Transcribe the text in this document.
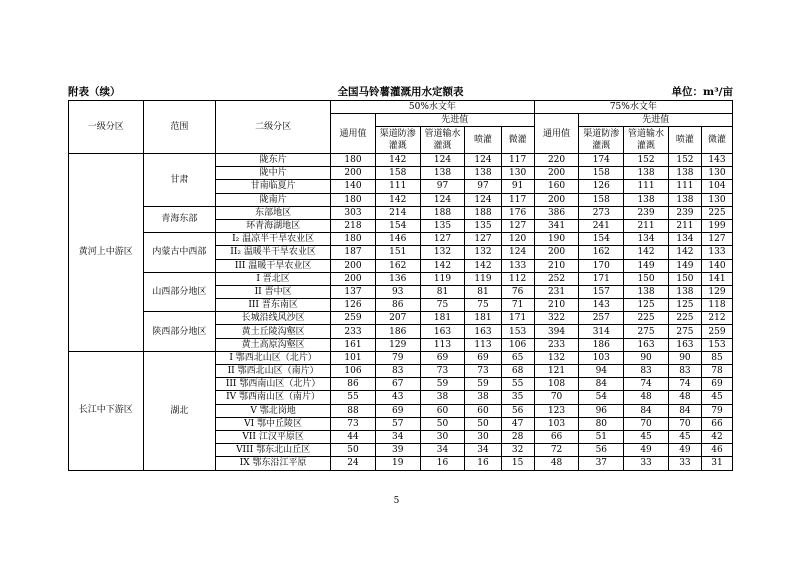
附表（续）	全国马铃薯灌溉用水定额表	单位：m³/亩
一级分区	范围	二级分区	50%水文年					75%水文年				
			通用值	先进值				通用值	先进值			
				渠道防渗灌溉	管道输水灌溉	喷灌	微灌		渠道防渗灌溉	管道输水灌溉	喷灌	微灌
黄河上中游区	甘肃	陇东片	180	142	124	124	117	220	174	152	152	143
		陇中片	200	158	138	138	130	200	158	138	138	130
		甘南临夏片	140	111	97	97	91	160	126	111	111	104
		陇南片	180	142	124	124	117	200	158	138	138	130
	青海东部	东部地区	303	214	188	188	176	386	273	239	239	225
		环青海湖地区	218	154	135	135	127	341	241	211	211	199
	内蒙古中西部	I₂ 温凉半干旱农业区	180	146	127	127	120	190	154	134	134	127
		II₂ 温暖半干旱农业区	187	151	132	132	124	200	162	142	142	133
		III 温暖干旱农业区	200	162	142	142	133	210	170	149	149	140
	山西部分地区	I 晋北区	200	136	119	119	112	252	171	150	150	141
		II 晋中区	137	93	81	81	76	231	157	138	138	129
		III 晋东南区	126	86	75	75	71	210	143	125	125	118
	陕西部分地区	长城沿线风沙区	259	207	181	181	171	322	257	225	225	212
		黄土丘陵沟壑区	233	186	163	163	153	394	314	275	275	259
		黄土高原沟壑区	161	129	113	113	106	233	186	163	163	153
长江中下游区	湖北	I 鄂西北山区（北片）	101	79	69	69	65	132	103	90	90	85
		II 鄂西北山区（南片）	106	83	73	73	68	121	94	83	83	78
		III 鄂西南山区（北片）	86	67	59	59	55	108	84	74	74	69
		IV 鄂西南山区（南片）	55	43	38	38	35	70	54	48	48	45
		V 鄂北岗地	88	69	60	60	56	123	96	84	84	79
		VI 鄂中丘陵区	73	57	50	50	47	103	80	70	70	66
		VII 江汉平原区	44	34	30	30	28	66	51	45	45	42
		VIII 鄂东北山丘区	50	39	34	34	32	72	56	49	49	46
		IX 鄂东沿江平原	24	19	16	16	15	48	37	33	33	31
5
